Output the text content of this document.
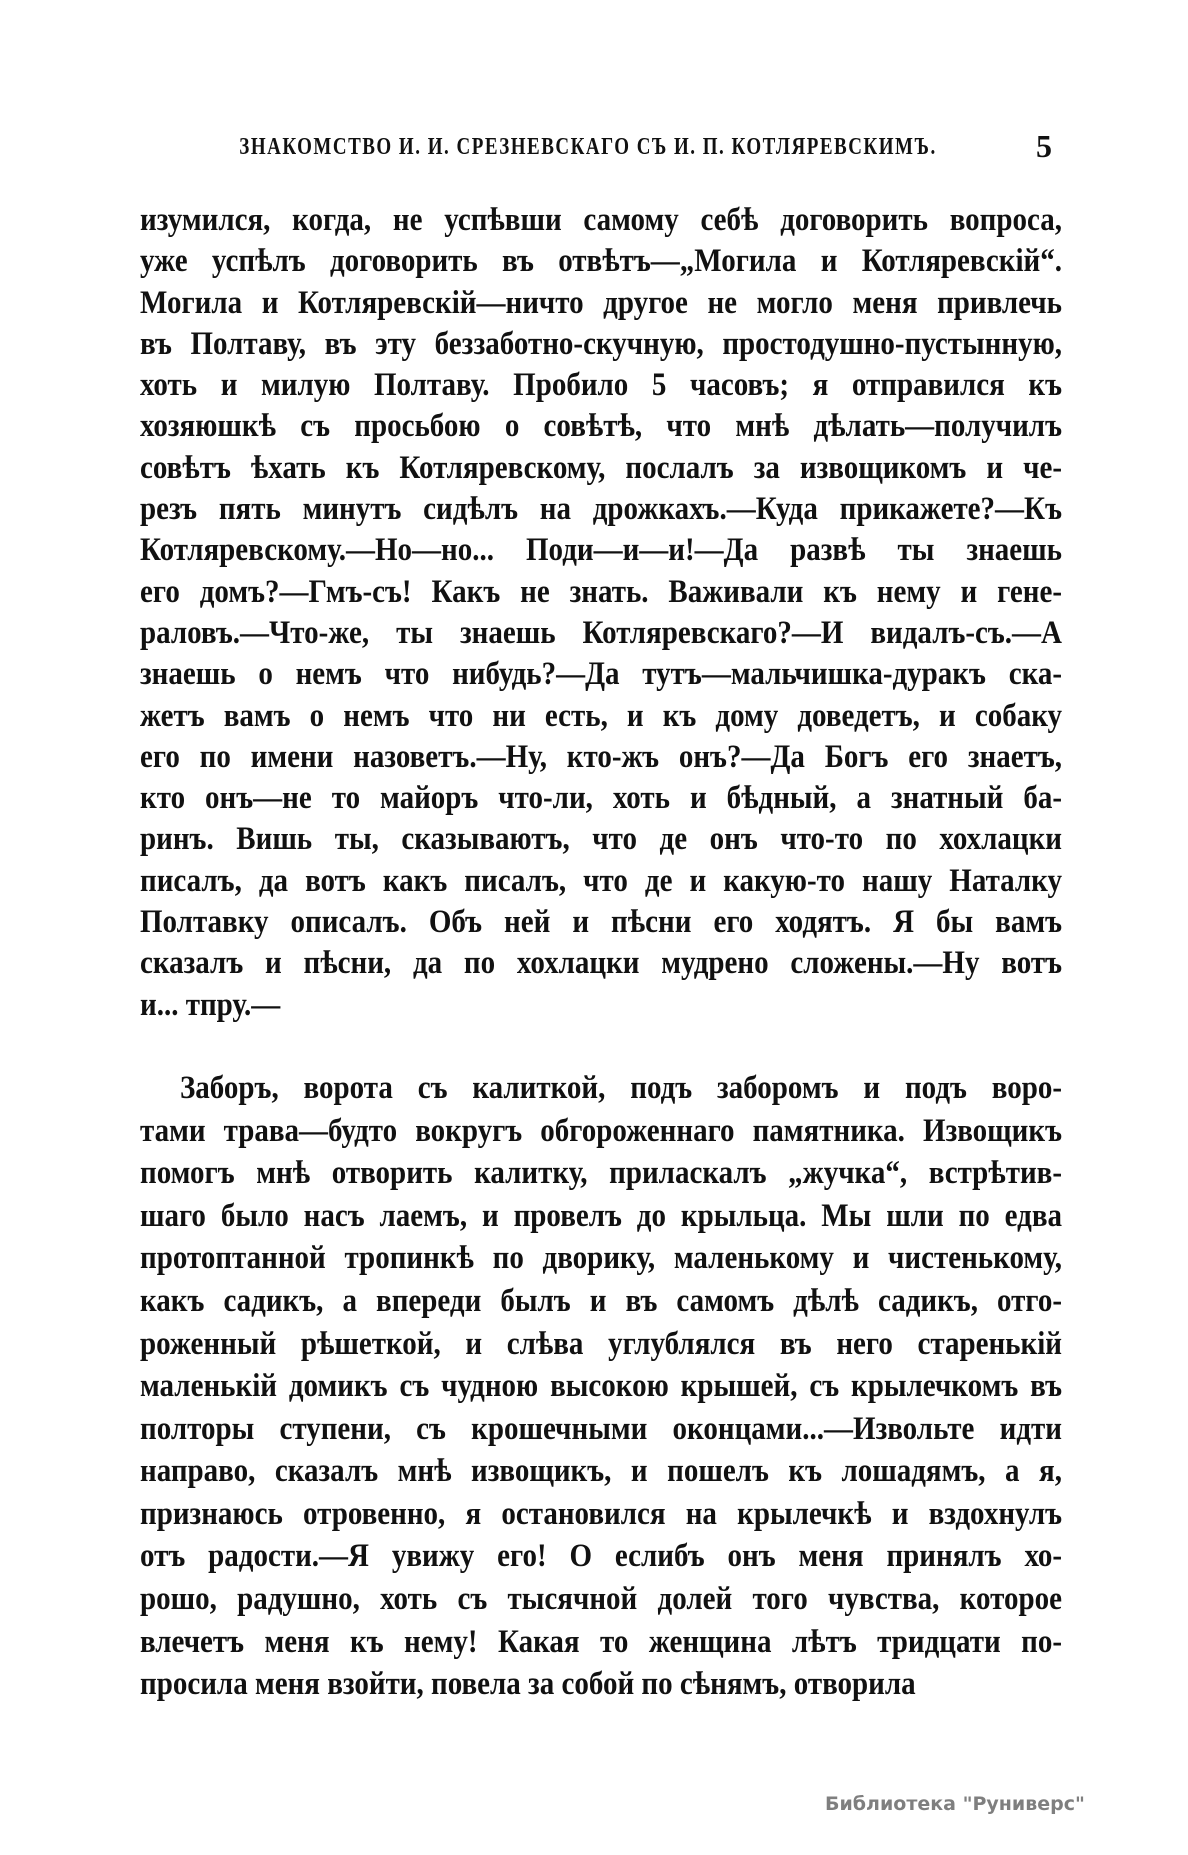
ЗНАКОМСТВО И. И. СРЕЗНЕВСКАГО СЪ И. П. КОТЛЯРЕВСКИМЪ.	5
изумился, когда, не успѣвши самому себѣ договорить вопроса,
уже успѣлъ договорить въ отвѣтъ—„Могила и Котляревскій“.
Могила и Котляревскій—ничто другое не могло меня привлечь
въ Полтаву, въ эту беззаботно-скучную, простодушно-пустынную,
хоть и милую Полтаву. Пробило 5 часовъ; я отправился къ
хозяюшкѣ съ просьбою о совѣтѣ, что мнѣ дѣлать—получилъ
совѣтъ ѣхать къ Котляревскому, послалъ за извощикомъ и че-
резъ пять минутъ сидѣлъ на дрожкахъ.—Куда прикажете?—Къ
Котляревскому.—Но—но... Поди—и—и!—Да развѣ ты знаешь
его домъ?—Гмъ-съ! Какъ не знать. Важивали къ нему и гене-
раловъ.—Что-же, ты знаешь Котляревскаго?—И видалъ-съ.—А
знаешь о немъ что нибудь?—Да тутъ—мальчишка-дуракъ ска-
жетъ вамъ о немъ что ни есть, и къ дому доведетъ, и собаку
его по имени назоветъ.—Ну, кто-жъ онъ?—Да Богъ его знаетъ,
кто онъ—не то майоръ что-ли, хоть и бѣдный, а знатный ба-
ринъ. Вишь ты, сказываютъ, что де онъ что-то по хохлацки
писалъ, да вотъ какъ писалъ, что де и какую-то нашу Наталку
Полтавку описалъ. Объ ней и пѣсни его ходятъ. Я бы вамъ
сказалъ и пѣсни, да по хохлацки мудрено сложены.—Ну вотъ
и... тпру.—
Заборъ, ворота съ калиткой, подъ заборомъ и подъ воро-
тами трава—будто вокругъ обгороженнаго памятника. Извощикъ
помогъ мнѣ отворить калитку, приласкалъ „жучка“, встрѣтив-
шаго было насъ лаемъ, и провелъ до крыльца. Мы шли по едва
протоптанной тропинкѣ по дворику, маленькому и чистенькому,
какъ садикъ, а впереди былъ и въ самомъ дѣлѣ садикъ, отго-
роженный рѣшеткой, и слѣва углублялся въ него старенькій
маленькій домикъ съ чудною высокою крышей, съ крылечкомъ въ
полторы ступени, съ крошечными оконцами...—Извольте идти
направо, сказалъ мнѣ извощикъ, и пошелъ къ лошадямъ, а я,
признаюсь отровенно, я остановился на крылечкѣ и вздохнулъ
отъ радости.—Я увижу его! О еслибъ онъ меня принялъ хо-
рошо, радушно, хоть съ тысячной долей того чувства, которое
влечетъ меня къ нему! Какая то женщина лѣтъ тридцати по-
просила меня взойти, повела за собой по сѣнямъ, отворила
Библиотека "Руниверс"
